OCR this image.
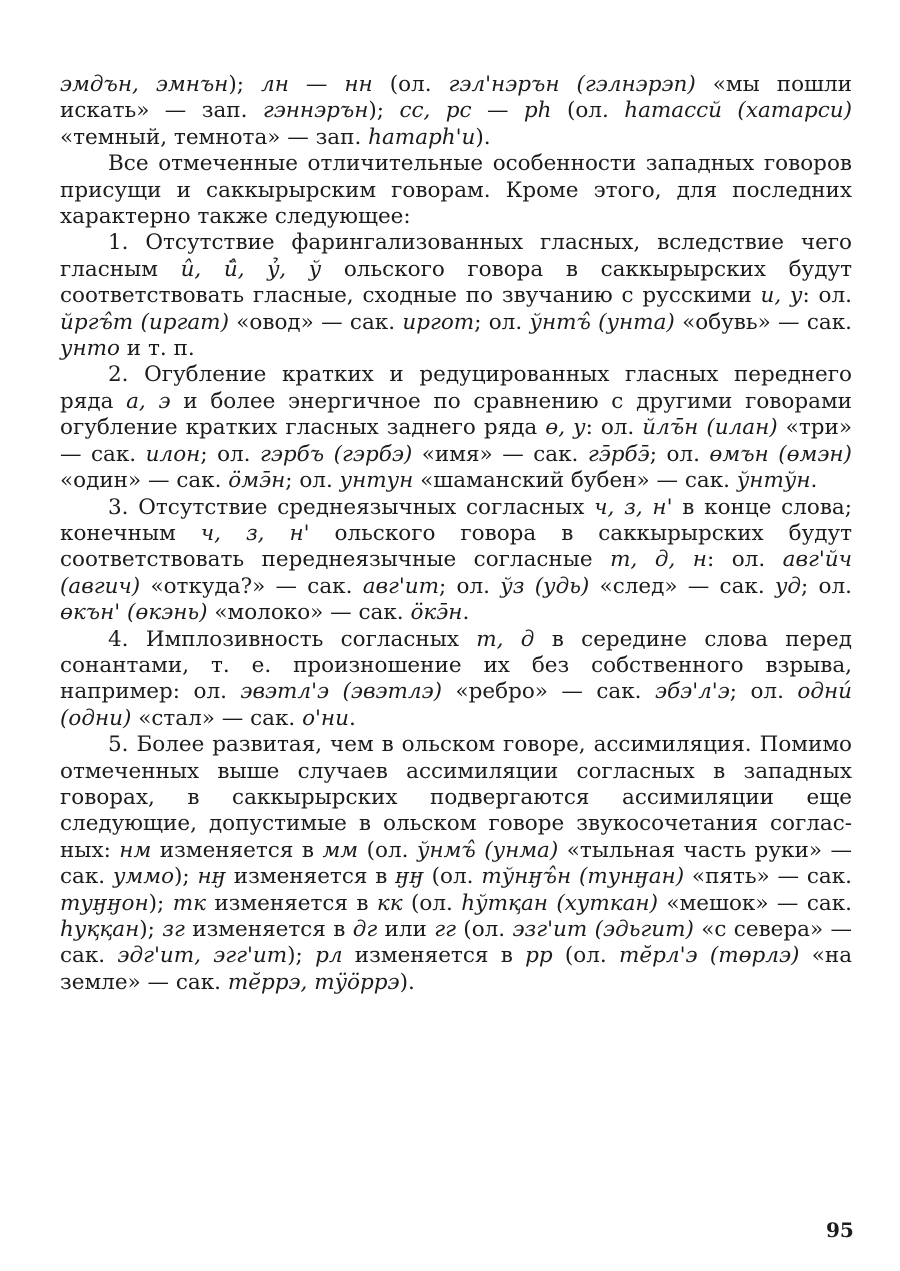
эмдън, эмнън); лн — нн (ол. гэл'нэрън (гэлнэрэп) «мы пошли искать» — зап. гэннэрън); сс, рс — рh (ол. hатассй (хатарси) «темный, темнота» — зап. hатарh'и).

Все отмеченные отличительные особенности западных говоров присущи и саккырырским говорам. Кроме этого, для последних характерно также следующее:

1. Отсутствие фарингализованных гласных, вследствие чего гласным и̂, й̂, ỷ, ў ольского говора в саккырырских будут соответствовать гласные, сходные по звучанию с русскими и, у: ол. йргъ̂т (иргат) «овод» — сак. иргот; ол. ўнтъ̂ (унта) «обувь» — сак. унто и т. п.

2. Огубление кратких и редуцированных гласных переднего ряда а, э и более энергичное по сравнению с другими говорами огубление кратких гласных заднего ряда ө, у: ол. йлъ̄н (илан) «три» — сак. илон; ол. гэрбъ (гэрбэ) «имя» — сак. гэ̄рбэ̄; ол. өмън (өмэн) «один» — сак. ӧмэ̄н; ол. унтун «шаманский бубен» — сак. ўнтўн.

3. Отсутствие среднеязычных согласных ч, з, н' в конце слова; конечным ч, з, н' ольского говора в саккырырских будут соответствовать переднеязычные согласные т, д, н: ол. авг'йч (авгич) «откуда?» — сак. авг'ит; ол. ўз (удь) «след» — сак. уд; ол. өкън' (өкэнь) «молоко» — сак. ӧкэ̄н.

4. Имплозивность согласных т, д в середине слова перед сонантами, т. е. произношение их без собственного взрыва, например: ол. эвэтл'э (эвэтлэ) «ребро» — сак. эбэ'л'э; ол. одни́ (одни) «стал» — сак. о'ни.

5. Более развитая, чем в ольском говоре, ассимиляция. Помимо отмеченных выше случаев ассимиляции согласных в западных говорах, в саккырырских подвергаются ассимиляции еще следующие, допустимые в ольском говоре звукосочетания согласных: нм изменяется в мм (ол. ўнмъ̂ (унма) «тыльная часть руки» — сак. уммо); нӈ изменяется в ӈӈ (ол. тўнӈъ̂н (тунӈан) «пять» — сак. туӈӈон); тк изменяется в кк (ол. hўтқан (хуткан) «мешок» — сак. hуққан); зг изменяется в дг или гг (ол. эзг'ит (эдьгит) «с севера» — сак. эдг'ит, эгг'ит); рл изменяется в рр (ол. тӗрл'э (төрлэ) «на земле» — сак. тӗррэ, тӱӧррэ).

95
